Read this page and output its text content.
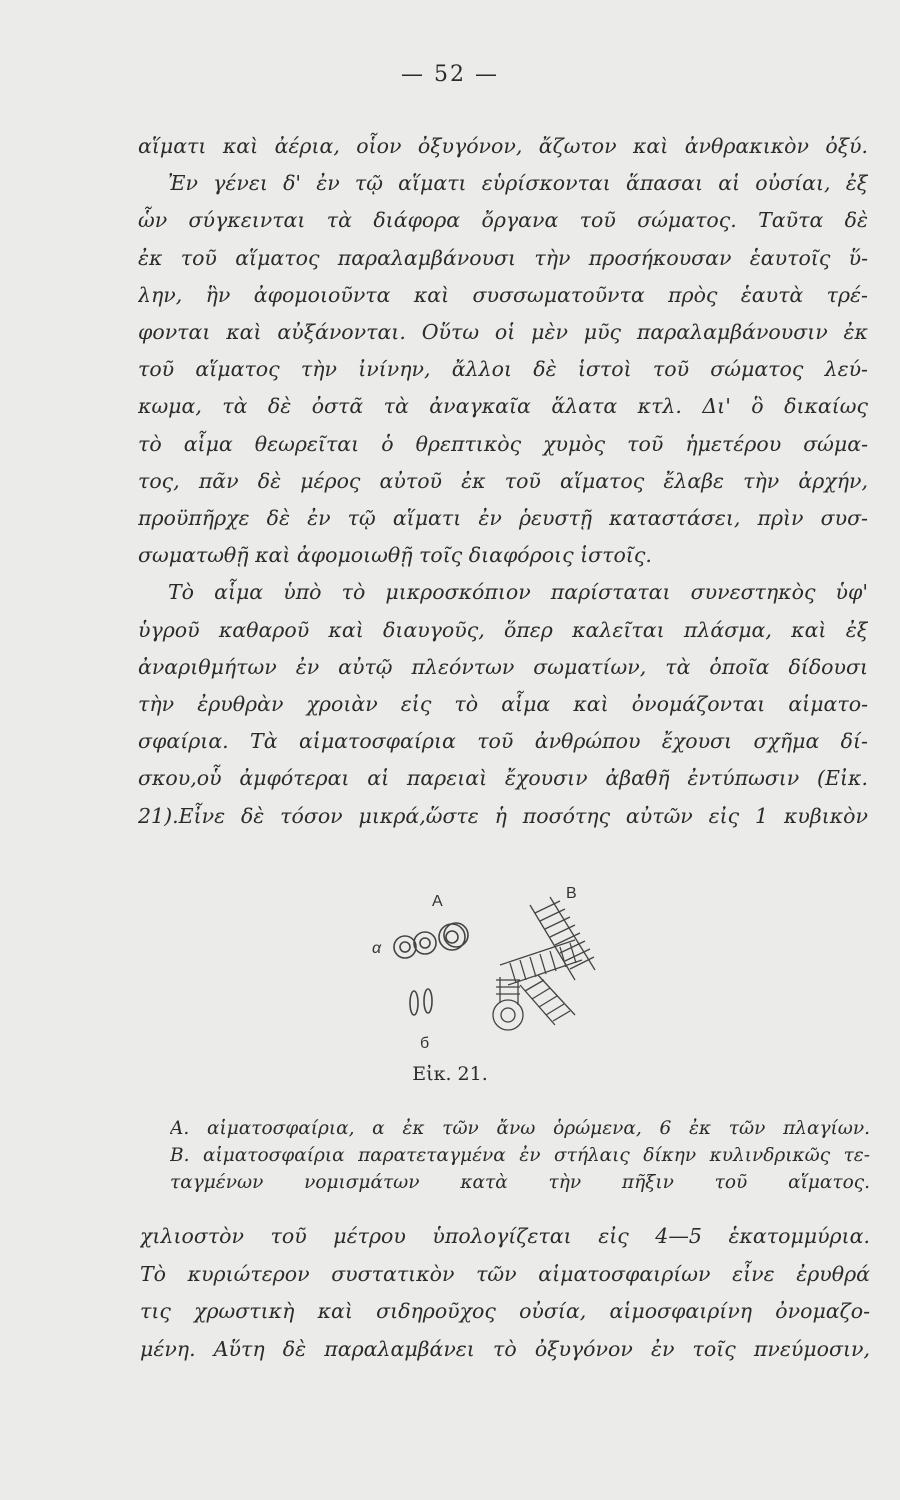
— 52 —
αἵματι καὶ ἀέρια, οἷον ὀξυγόνον, ἄζωτον καὶ ἀνθρακικὸν ὀξύ.
Ἐν γένει δ' ἐν τῷ αἵματι εὑρίσκονται ἅπασαι αἱ οὐσίαι, ἐξ
ὧν σύγκεινται τὰ διάφορα ὄργανα τοῦ σώματος. Ταῦτα δὲ
ἐκ τοῦ αἵματος παραλαμβάνουσι τὴν προσήκουσαν ἑαυτοῖς ὕ-
λην, ἣν ἀφομοιοῦντα καὶ συσσωματοῦντα πρὸς ἑαυτὰ τρέ-
φονται καὶ αὐξάνονται. Οὕτω οἱ μὲν μῦς παραλαμβάνουσιν ἐκ
τοῦ αἵματος τὴν ἰνίνην, ἄλλοι δὲ ἱστοὶ τοῦ σώματος λεύ-
κωμα, τὰ δὲ ὀστᾶ τὰ ἀναγκαῖα ἅλατα κτλ. Δι' ὃ δικαίως
τὸ αἷμα θεωρεῖται ὁ θρεπτικὸς χυμὸς τοῦ ἡμετέρου σώμα-
τος, πᾶν δὲ μέρος αὐτοῦ ἐκ τοῦ αἵματος ἔλαβε τὴν ἀρχήν,
προϋπῆρχε δὲ ἐν τῷ αἵματι ἐν ῥευστῇ καταστάσει, πρὶν συσ-
σωματωθῇ καὶ ἀφομοιωθῇ τοῖς διαφόροις ἱστοῖς.
Τὸ αἷμα ὑπὸ τὸ μικροσκόπιον παρίσταται συνεστηκὸς ὑφ'
ὑγροῦ καθαροῦ καὶ διαυγοῦς, ὅπερ καλεῖται πλάσμα, καὶ ἐξ
ἀναριθμήτων ἐν αὐτῷ πλεόντων σωματίων, τὰ ὁποῖα δίδουσι
τὴν ἐρυθρὰν χροιὰν εἰς τὸ αἷμα καὶ ὀνομάζονται αἱματο-
σφαίρια. Τὰ αἱματοσφαίρια τοῦ ἀνθρώπου ἔχουσι σχῆμα δί-
σκου,οὗ ἀμφότεραι αἱ παρειαὶ ἔχουσιν ἀβαθῆ ἐντύπωσιν (Εἰκ.
21).Εἶνε δὲ τόσον μικρά,ὥστε ἡ ποσότης αὐτῶν εἰς 1 κυβικὸν
A	B
α
б
Εἰκ. 21.
A. αἱματοσφαίρια, α ἐκ τῶν ἄνω ὁρώμενα, 6 ἐκ τῶν πλαγίων.
B. αἱματοσφαίρια παρατεταγμένα ἐν στήλαις δίκην κυλινδρικῶς τε-
ταγμένων νομισμάτων κατὰ τὴν πῆξιν τοῦ αἵματος.
χιλιοστὸν τοῦ μέτρου ὑπολογίζεται εἰς 4—5 ἑκατομμύρια.
Τὸ κυριώτερον συστατικὸν τῶν αἱματοσφαιρίων εἶνε ἐρυθρά
τις χρωστικὴ καὶ σιδηροῦχος οὐσία, αἱμοσφαιρίνη ὀνομαζο-
μένη. Αὕτη δὲ παραλαμβάνει τὸ ὀξυγόνον ἐν τοῖς πνεύμοσιν,
